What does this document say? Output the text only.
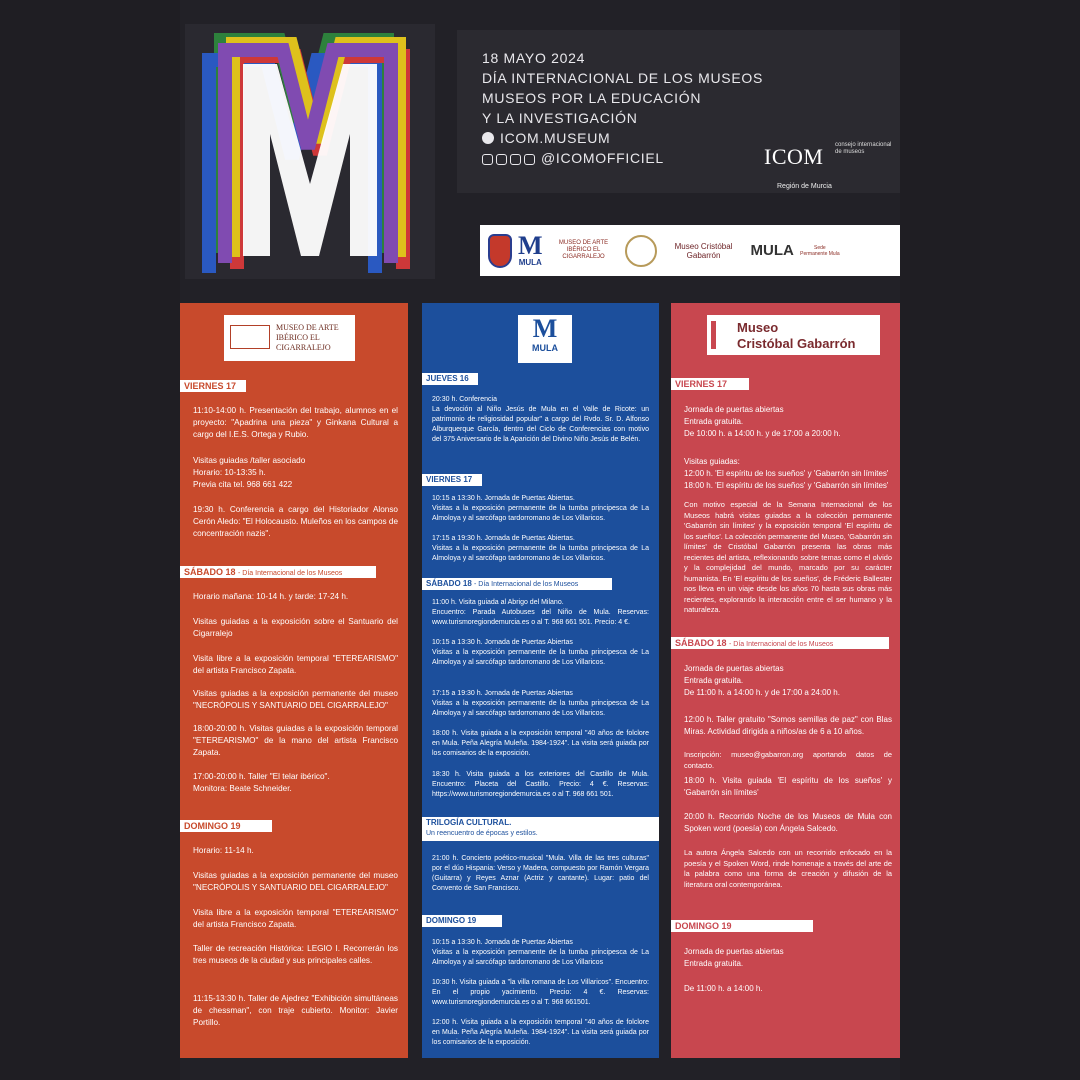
18 MAYO 2024
DÍA INTERNACIONAL DE LOS MUSEOS
MUSEOS POR LA EDUCACIÓN
Y LA INVESTIGACIÓN
ICOM.MUSEUM
@ICOMOFFICIEL	ICOM consejo internacional de museos
Región de Murcia
M
MULA
MUSEO DE ARTE IBÉRICO EL CIGARRALEJO
Museo Cristóbal Gabarrón	MULA	Sede Permanente Mula
MUSEO DE ARTE IBÉRICO EL CIGARRALEJO
VIERNES 17
11:10-14:00 h. Presentación del trabajo, alumnos en el proyecto: "Apadrina una pieza" y Ginkana Cultural a cargo del I.E.S. Ortega y Rubio.
Visitas guiadas /taller asociado
Horario: 10-13:35 h.
Previa cita tel. 968 661 422
19:30 h. Conferencia a cargo del Historiador Alonso Cerón Aledo: "El Holocausto. Muleños en los campos de concentración nazis".
SÁBADO 18 - Día Internacional de los Museos
Horario mañana: 10-14 h. y tarde: 17-24 h.
Visitas guiadas a la exposición sobre el Santuario del Cigarralejo
Visita libre a la exposición temporal "ETEREARISMO" del artista Francisco Zapata.
Visitas guiadas a la exposición permanente del museo "NECRÓPOLIS Y SANTUARIO DEL CIGARRALEJO"
18:00-20:00 h. Visitas guiadas a la exposición temporal "ETEREARISMO" de la mano del artista Francisco Zapata.
17:00-20:00 h. Taller "El telar ibérico".
Monitora: Beate Schneider.
DOMINGO 19
Horario: 11-14 h.
Visitas guiadas a la exposición permanente del museo "NECRÓPOLIS Y SANTUARIO DEL CIGARRALEJO"
Visita libre a la exposición temporal "ETEREARISMO" del artista Francisco Zapata.
Taller de recreación Histórica: LEGIO I. Recorrerán los tres museos de la ciudad y sus principales calles.
11:15-13:30 h. Taller de Ajedrez "Exhibición simultáneas de chessman", con traje cubierto. Monitor: Javier Portillo.
M
MULA
JUEVES 16
20:30 h. Conferencia
La devoción al Niño Jesús de Mula en el Valle de Ricote: un patrimonio de religiosidad popular" a cargo del Rvdo. Sr. D. Alfonso Alburquerque García, dentro del Ciclo de Conferencias con motivo del 375 Aniversario de la Aparición del Divino Niño Jesús de Belén.
VIERNES 17
10:15 a 13:30 h. Jornada de Puertas Abiertas.
Visitas a la exposición permanente de la tumba principesca de La Almoloya y al sarcófago tardorromano de Los Villaricos.
17:15 a 19:30 h. Jornada de Puertas Abiertas.
Visitas a la exposición permanente de la tumba principesca de La Almoloya y al sarcófago tardorromano de Los Villaricos.
SÁBADO 18 - Día Internacional de los Museos
11:00 h. Visita guiada al Abrigo del Milano.
Encuentro: Parada Autobuses del Niño de Mula. Reservas: www.turismoregiondemurcia.es o al T. 968 661 501. Precio: 4 €.
10:15 a 13:30 h. Jornada de Puertas Abiertas
Visitas a la exposición permanente de la tumba principesca de La Almoloya y al sarcófago tardorromano de Los Villaricos.
17:15 a 19:30 h. Jornada de Puertas Abiertas
Visitas a la exposición permanente de la tumba principesca de La Almoloya y al sarcófago tardorromano de Los Villaricos.
18:00 h. Visita guiada a la exposición temporal "40 años de folclore en Mula. Peña Alegría Muleña. 1984-1924". La visita será guiada por los comisarios de la exposición.
18:30 h. Visita guiada a los exteriores del Castillo de Mula. Encuentro: Placeta del Castillo. Precio: 4 €. Reservas: https://www.turismoregiondemurcia.es o al T. 968 661 501.
TRILOGÍA CULTURAL.
Un reencuentro de épocas y estilos.
21:00 h. Concierto poético-musical "Mula. Villa de las tres culturas" por el dúo Hispania: Verso y Madera, compuesto por Ramón Vergara (Guitarra) y Reyes Aznar (Actriz y cantante). Lugar: patio del Convento de San Francisco.
DOMINGO 19
10:15 a 13:30 h. Jornada de Puertas Abiertas
Visitas a la exposición permanente de la tumba principesca de La Almoloya y al sarcófago tardorromano de Los Villaricos
10:30 h. Visita guiada a "la villa romana de Los Villaricos". Encuentro: En el propio yacimiento. Precio: 4 €. Reservas: www.turismoregiondemurcia.es o al T. 968 661501.
12:00 h. Visita guiada a la exposición temporal "40 años de folclore en Mula. Peña Alegría Muleña. 1984-1924". La visita será guiada por los comisarios de la exposición.
Museo
Cristóbal Gabarrón
VIERNES 17
Jornada de puertas abiertas
Entrada gratuita.
De 10:00 h. a 14:00 h. y de 17:00 a 20:00 h.
Visitas guiadas:
12:00 h. 'El espíritu de los sueños' y 'Gabarrón sin límites'
18:00 h. 'El espíritu de los sueños' y 'Gabarrón sin límites'
Con motivo especial de la Semana Internacional de los Museos habrá visitas guiadas a la colección permanente 'Gabarrón sin límites' y la exposición temporal 'El espíritu de los sueños'. La colección permanente del Museo, 'Gabarrón sin límites' de Cristóbal Gabarrón presenta las obras más recientes del artista, reflexionando sobre temas como el olvido y la complejidad del mundo, marcado por su carácter humanista. En 'El espíritu de los sueños', de Fréderic Ballester nos lleva en un viaje desde los años 70 hasta sus obras más recientes, explorando la interacción entre el ser humano y la naturaleza.
SÁBADO 18 - Día Internacional de los Museos
Jornada de puertas abiertas
Entrada gratuita.
De 11:00 h. a 14:00 h. y de 17:00 a 24:00 h.
12:00 h. Taller gratuito "Somos semillas de paz" con Blas Miras. Actividad dirigida a niños/as de 6 a 10 años.
Inscripción: museo@gabarron.org aportando datos de contacto.
18:00 h. Visita guiada 'El espíritu de los sueños' y 'Gabarrón sin límites'
20:00 h. Recorrido Noche de los Museos de Mula con Spoken word (poesía) con Ángela Salcedo.
La autora Ángela Salcedo con un recorrido enfocado en la poesía y el Spoken Word, rinde homenaje a través del arte de la palabra como una forma de creación y difusión de la literatura oral contemporánea.
DOMINGO 19
Jornada de puertas abiertas
Entrada gratuita.
De 11:00 h. a 14:00 h.
